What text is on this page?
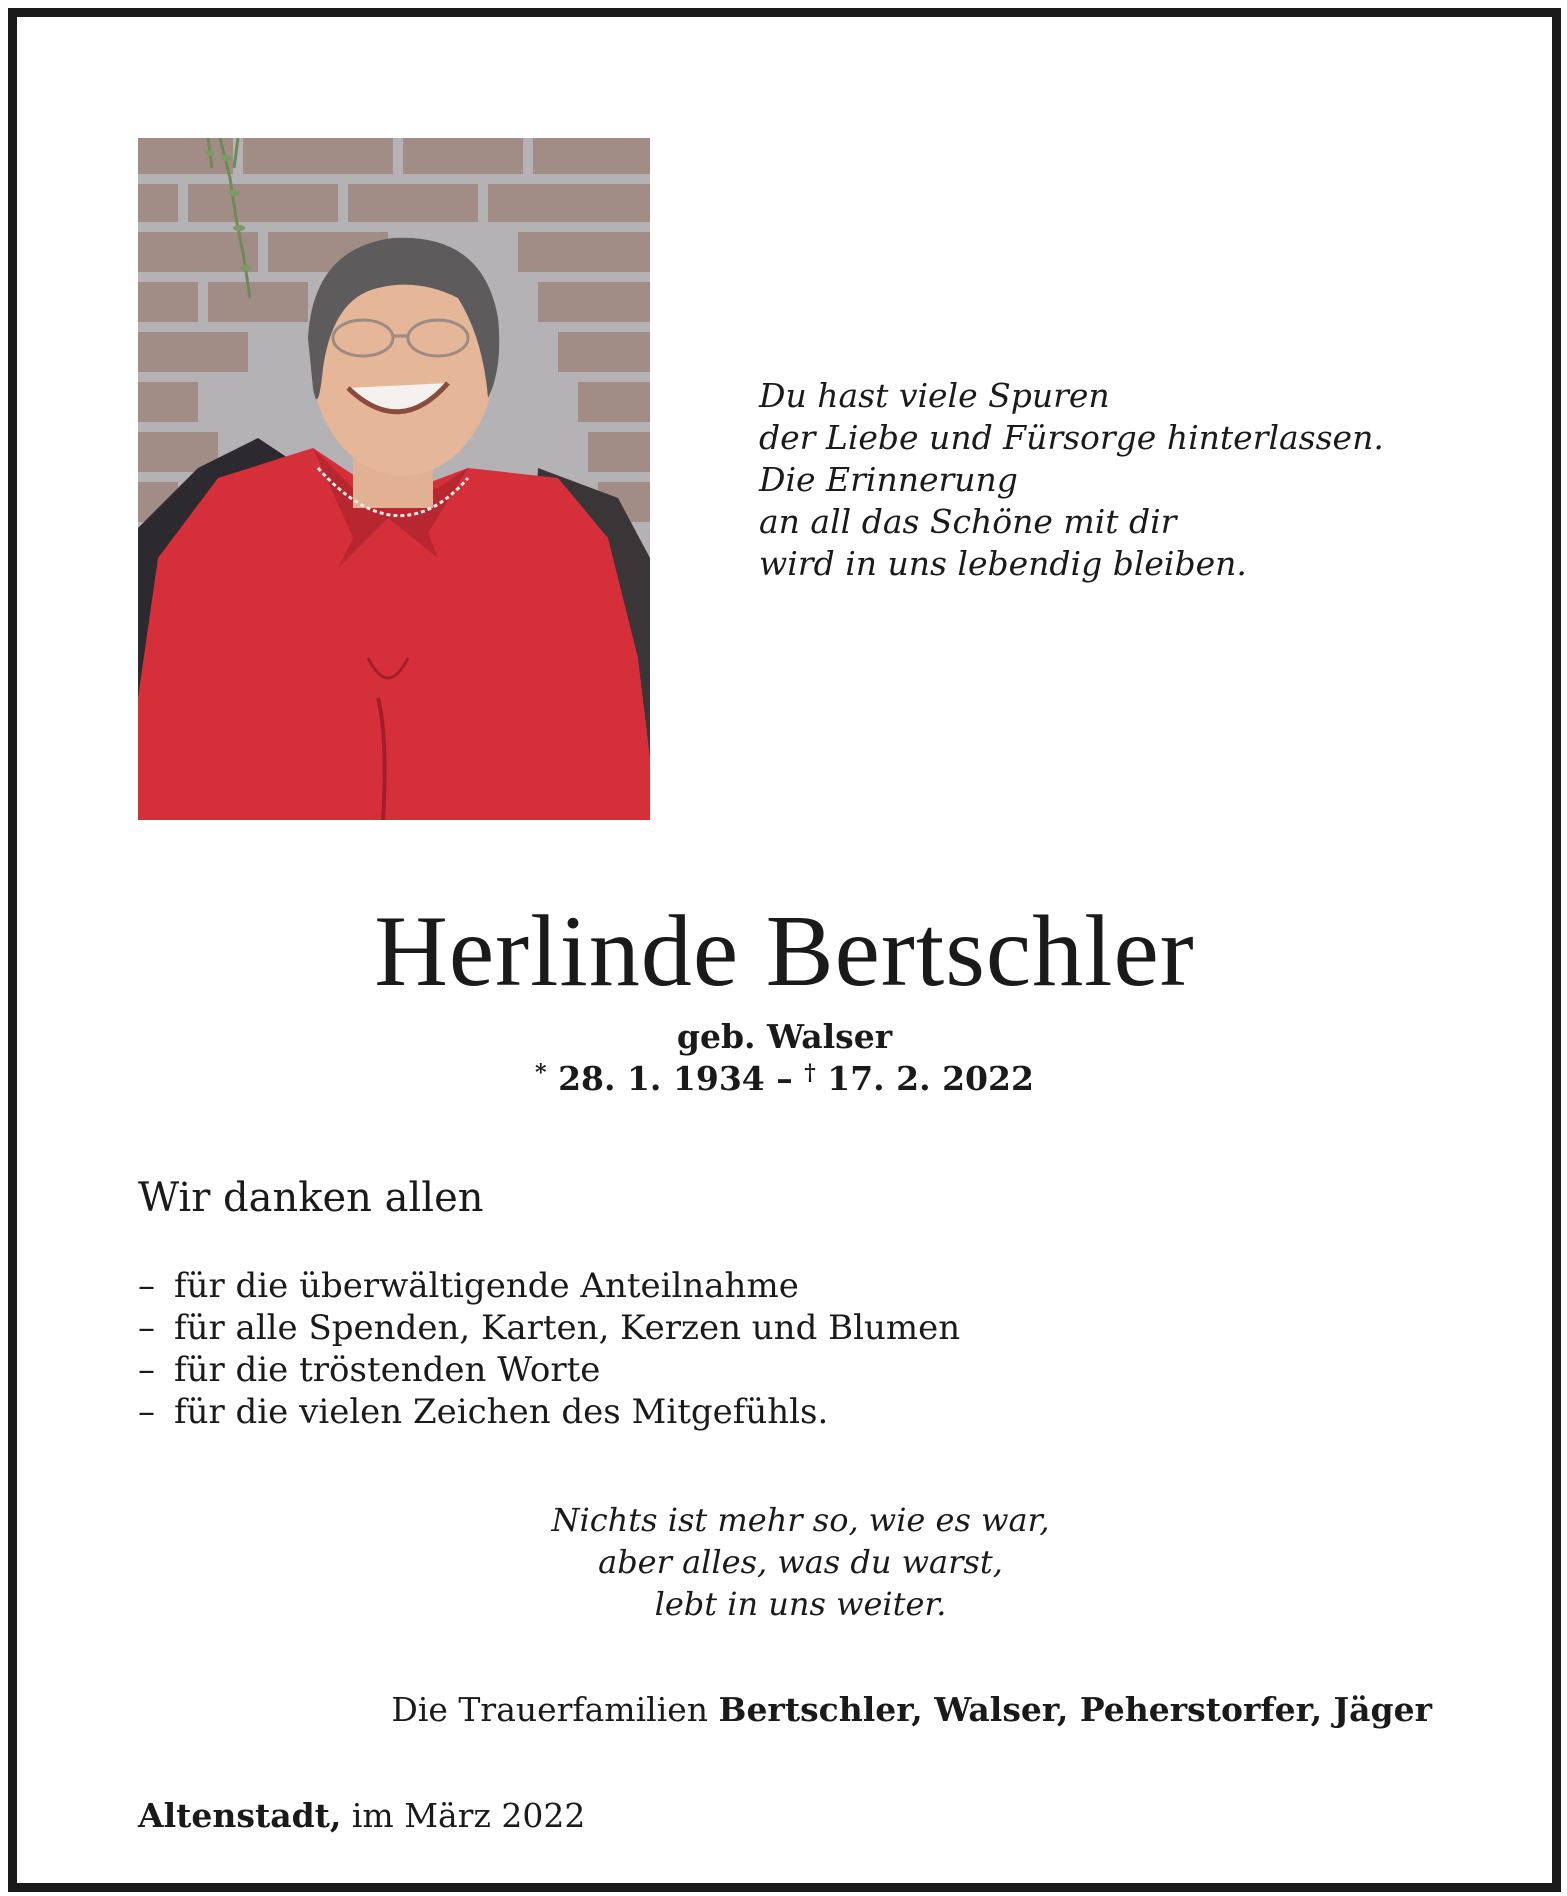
Du hast viele Spuren
der Liebe und Fürsorge hinterlassen.
Die Erinnerung
an all das Schöne mit dir
wird in uns lebendig bleiben.
Herlinde Bertschler
geb. Walser
* 28. 1. 1934 – † 17. 2. 2022
Wir danken allen
– für die überwältigende Anteilnahme
– für alle Spenden, Karten, Kerzen und Blumen
– für die tröstenden Worte
– für die vielen Zeichen des Mitgefühls.
Nichts ist mehr so, wie es war,
aber alles, was du warst,
lebt in uns weiter.
Die Trauerfamilien Bertschler, Walser, Peherstorfer, Jäger
Altenstadt, im März 2022
